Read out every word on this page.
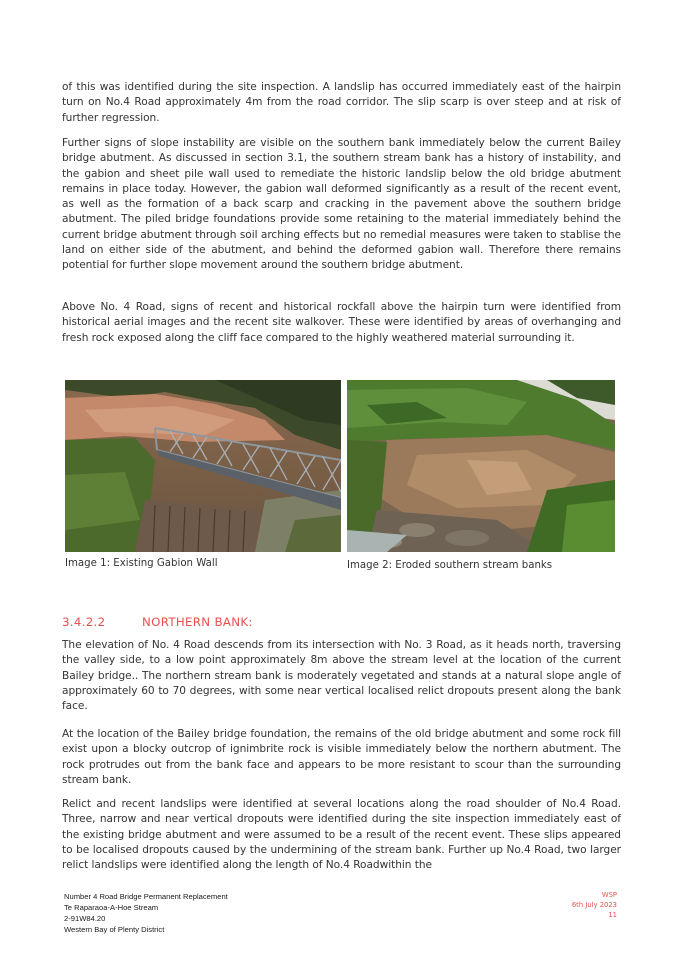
of this was identified during the site inspection. A landslip has occurred immediately east of the hairpin turn on No.4 Road approximately 4m from the road corridor. The slip scarp is over steep and at risk of further regression.

Further signs of slope instability are visible on the southern bank immediately below the current Bailey bridge abutment. As discussed in section 3.1, the southern stream bank has a history of instability, and the gabion and sheet pile wall used to remediate the historic landslip below the old bridge abutment remains in place today. However, the gabion wall deformed significantly as a result of the recent event, as well as the formation of a back scarp and cracking in the pavement above the southern bridge abutment. The piled bridge foundations provide some retaining to the material immediately behind the current bridge abutment through soil arching effects but no remedial measures were taken to stablise the land on either side of the abutment, and behind the deformed gabion wall. Therefore there remains potential for further slope movement around the southern bridge abutment.

Above No. 4 Road, signs of recent and historical rockfall above the hairpin turn were identified from historical aerial images and the recent site walkover. These were identified by areas of overhanging and fresh rock exposed along the cliff face compared to the highly weathered material surrounding it.

Image 1: Existing Gabion Wall	Image 2: Eroded southern stream banks
3.4.2.2	NORTHERN BANK:

The elevation of No. 4 Road descends from its intersection with No. 3 Road, as it heads north, traversing the valley side, to a low point approximately 8m above the stream level at the location of the current Bailey bridge.. The northern stream bank is moderately vegetated and stands at a natural slope angle of approximately 60 to 70 degrees, with some near vertical localised relict dropouts present along the bank face.

At the location of the Bailey bridge foundation, the remains of the old bridge abutment and some rock fill exist upon a blocky outcrop of ignimbrite rock is visible immediately below the northern abutment. The rock protrudes out from the bank face and appears to be more resistant to scour than the surrounding stream bank.

Relict and recent landslips were identified at several locations along the road shoulder of No.4 Road. Three, narrow and near vertical dropouts were identified during the site inspection immediately east of the existing bridge abutment and were assumed to be a result of the recent event. These slips appeared to be localised dropouts caused by the undermining of the stream bank. Further up No.4 Road, two larger relict landslips were identified along the length of No.4 Roadwithin the

Number 4 Road Bridge Permanent Replacement
Te Raparaoa-A-Hoe Stream
2-91W84.20
Western Bay of Plenty District
WSP
6th July 2023
11
